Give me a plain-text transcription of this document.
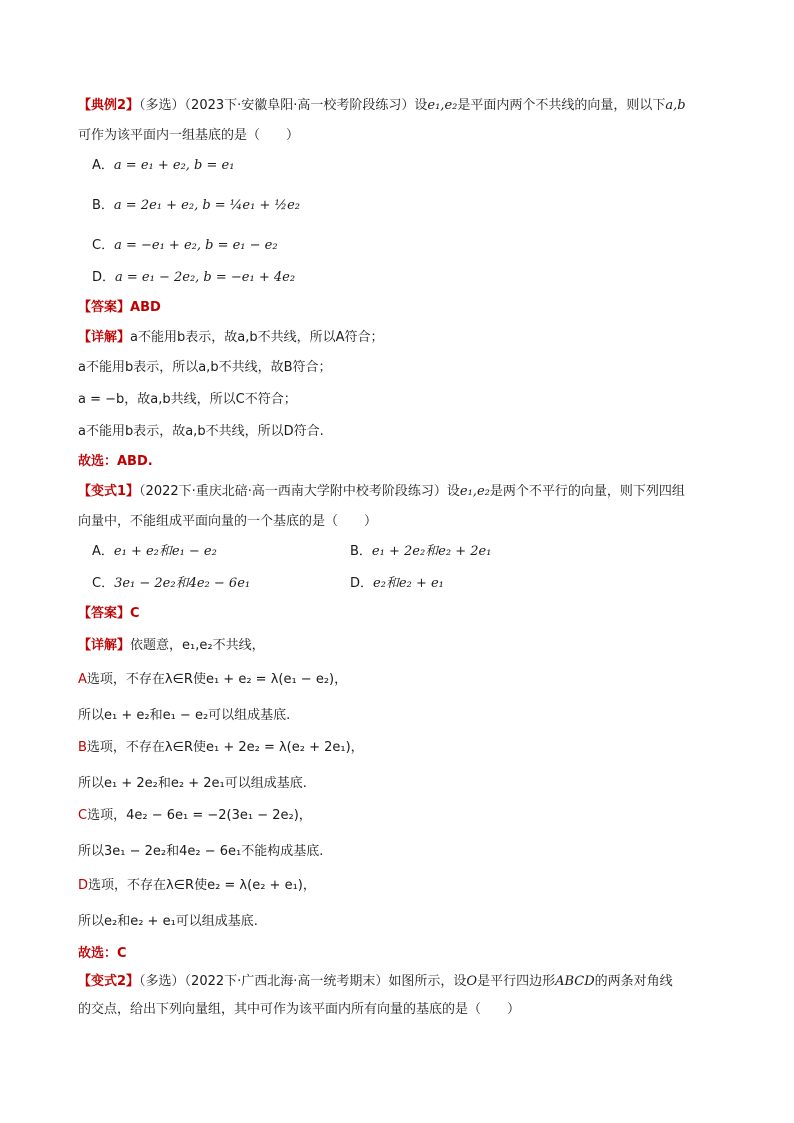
【典例2】（多选）（2023下·安徽阜阳·高一校考阶段练习）设e₁,e₂是平面内两个不共线的向量，则以下a,b
可作为该平面内一组基底的是（　　）
A．a = e₁ + e₂, b = e₁
B．a = 2e₁ + e₂, b = ¼e₁ + ½e₂
C．a = −e₁ + e₂, b = e₁ − e₂
D．a = e₁ − 2e₂, b = −e₁ + 4e₂
【答案】ABD
【详解】a不能用b表示，故a,b不共线，所以A符合；
a不能用b表示，所以a,b不共线，故B符合；
a = −b，故a,b共线，所以C不符合；
a不能用b表示，故a,b不共线，所以D符合.
故选：ABD.
【变式1】（2022下·重庆北碚·高一西南大学附中校考阶段练习）设e₁,e₂是两个不平行的向量，则下列四组
向量中，不能组成平面向量的一个基底的是（　　）
A．e₁ + e₂和e₁ − e₂	B．e₁ + 2e₂和e₂ + 2e₁
C．3e₁ − 2e₂和4e₂ − 6e₁	D．e₂和e₂ + e₁
【答案】C
【详解】依题意，e₁,e₂不共线，
A选项，不存在λ∈R使e₁ + e₂ = λ(e₁ − e₂)，
所以e₁ + e₂和e₁ − e₂可以组成基底.
B选项，不存在λ∈R使e₁ + 2e₂ = λ(e₂ + 2e₁)，
所以e₁ + 2e₂和e₂ + 2e₁可以组成基底.
C选项，4e₂ − 6e₁ = −2(3e₁ − 2e₂)，
所以3e₁ − 2e₂和4e₂ − 6e₁不能构成基底.
D选项，不存在λ∈R使e₂ = λ(e₂ + e₁)，
所以e₂和e₂ + e₁可以组成基底.
故选：C
【变式2】（多选）（2022下·广西北海·高一统考期末）如图所示，设O是平行四边形ABCD的两条对角线
的交点，给出下列向量组，其中可作为该平面内所有向量的基底的是（　　）
